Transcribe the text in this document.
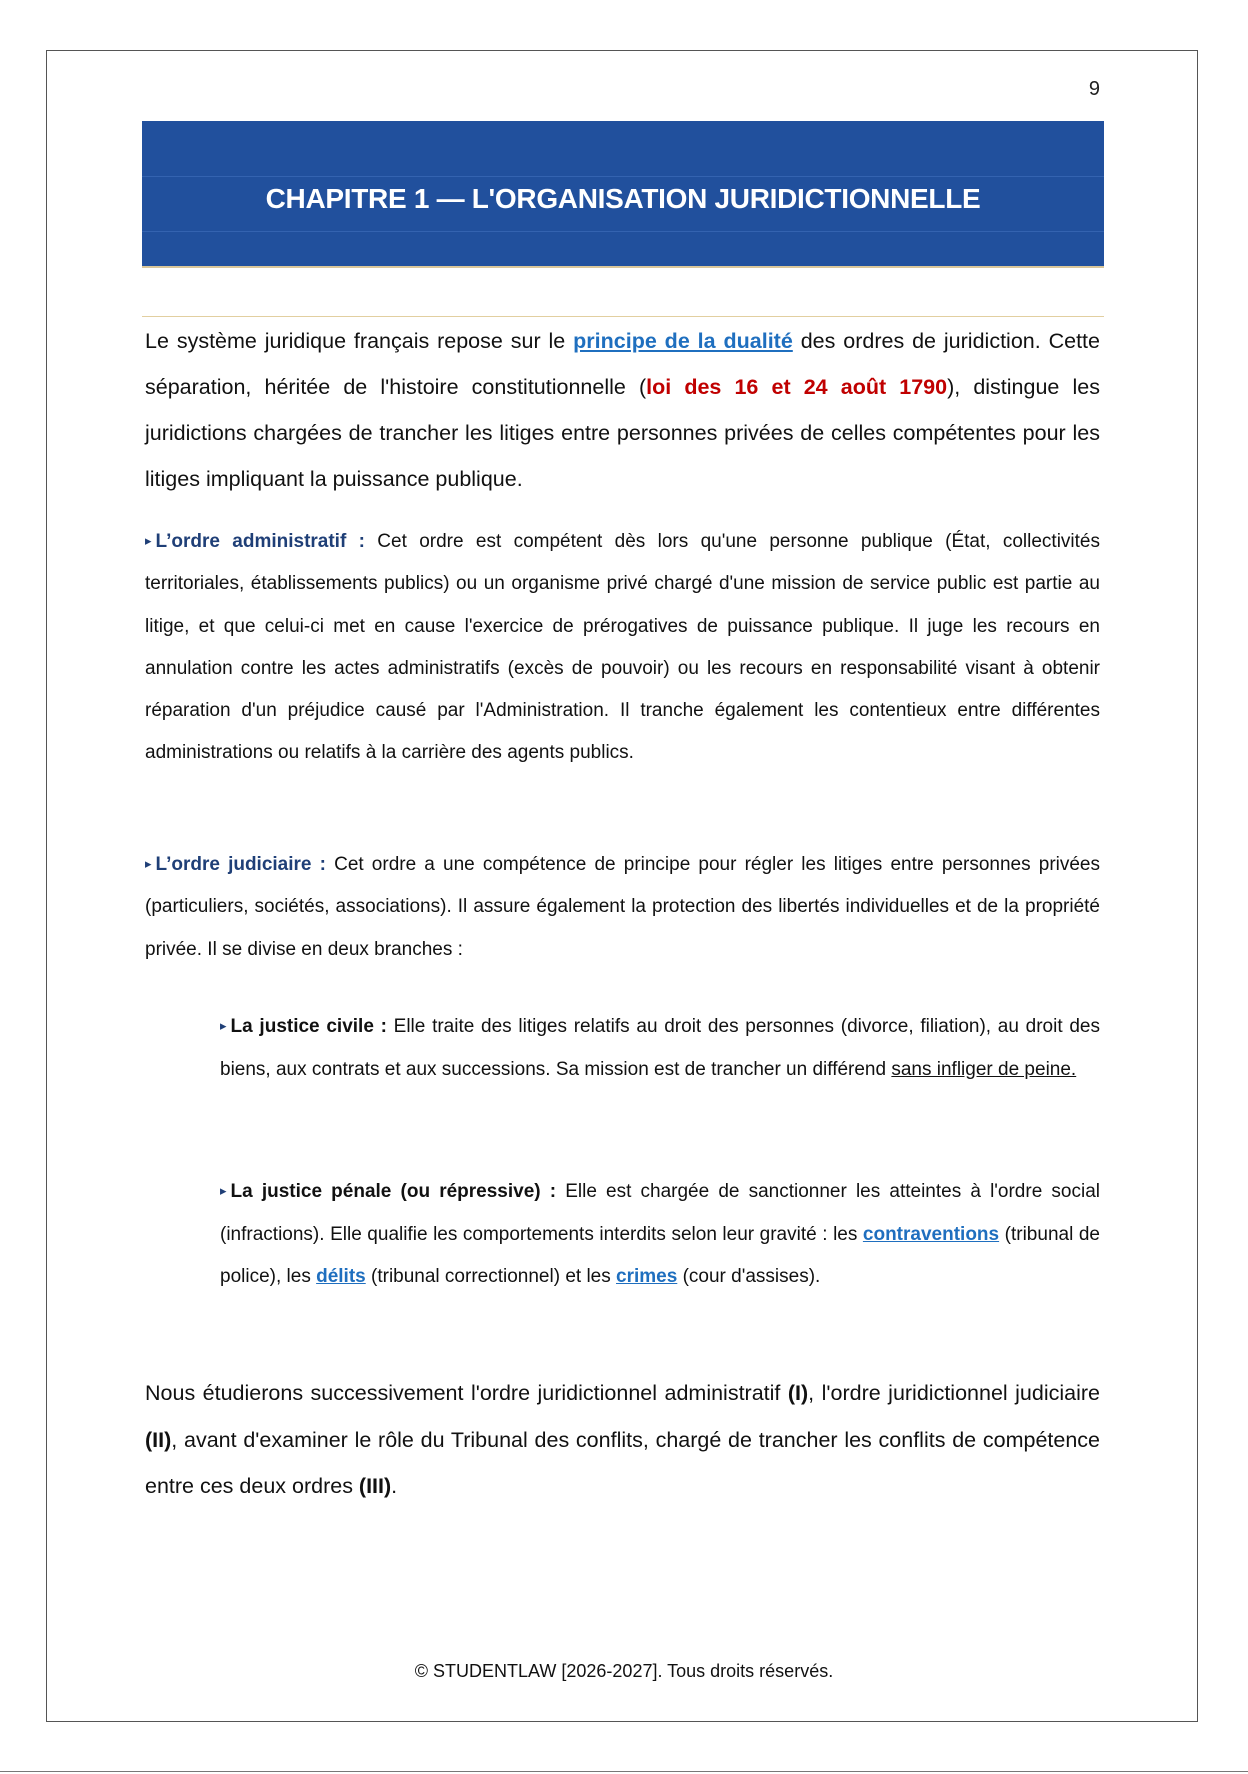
9
CHAPITRE 1 — L'ORGANISATION JURIDICTIONNELLE

Le système juridique français repose sur le principe de la dualité des ordres de juridiction. Cette séparation, héritée de l'histoire constitutionnelle (loi des 16 et 24 août 1790), distingue les juridictions chargées de trancher les litiges entre personnes privées de celles compétentes pour les litiges impliquant la puissance publique.

▸ L’ordre administratif : Cet ordre est compétent dès lors qu'une personne publique (État, collectivités territoriales, établissements publics) ou un organisme privé chargé d'une mission de service public est partie au litige, et que celui-ci met en cause l'exercice de prérogatives de puissance publique. Il juge les recours en annulation contre les actes administratifs (excès de pouvoir) ou les recours en responsabilité visant à obtenir réparation d'un préjudice causé par l'Administration. Il tranche également les contentieux entre différentes administrations ou relatifs à la carrière des agents publics.

▸ L’ordre judiciaire : Cet ordre a une compétence de principe pour régler les litiges entre personnes privées (particuliers, sociétés, associations). Il assure également la protection des libertés individuelles et de la propriété privée. Il se divise en deux branches :

▸ La justice civile : Elle traite des litiges relatifs au droit des personnes (divorce, filiation), au droit des biens, aux contrats et aux successions. Sa mission est de trancher un différend sans infliger de peine.

▸ La justice pénale (ou répressive) : Elle est chargée de sanctionner les atteintes à l'ordre social (infractions). Elle qualifie les comportements interdits selon leur gravité : les contraventions (tribunal de police), les délits (tribunal correctionnel) et les crimes (cour d'assises).

Nous étudierons successivement l'ordre juridictionnel administratif (I), l'ordre juridictionnel judiciaire (II), avant d'examiner le rôle du Tribunal des conflits, chargé de trancher les conflits de compétence entre ces deux ordres (III).

© STUDENTLAW [2026-2027]. Tous droits réservés.
